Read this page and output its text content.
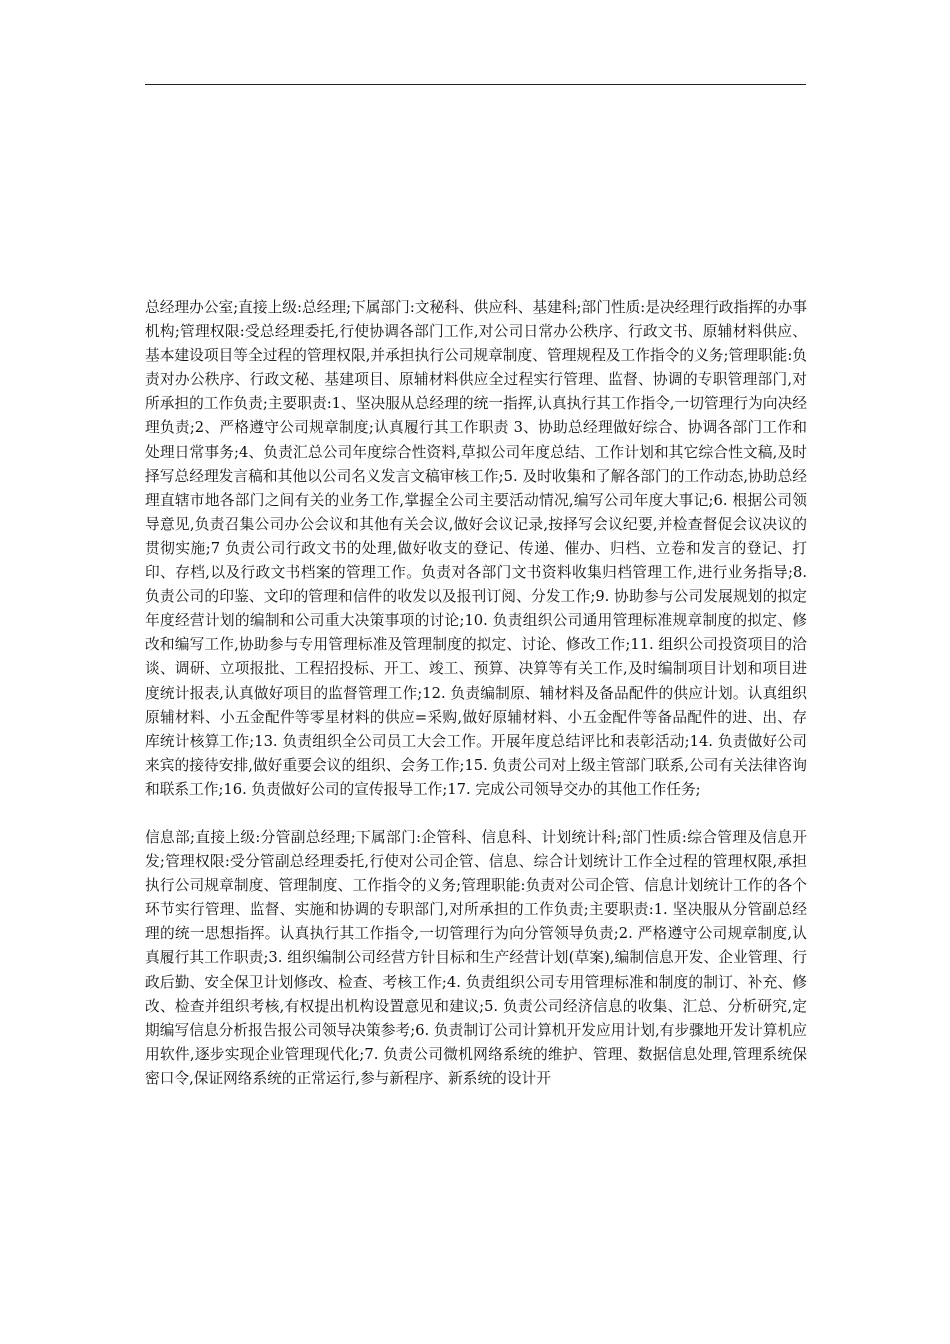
总经理办公室;直接上级:总经理;下属部门:文秘科、供应科、基建科;部门性质:是决经理行政指挥的办事机构;管理权限:受总经理委托,行使协调各部门工作,对公司日常办公秩序、行政文书、原辅材料供应、基本建设项目等全过程的管理权限,并承担执行公司规章制度、管理规程及工作指令的义务;管理职能:负责对办公秩序、行政文秘、基建项目、原辅材料供应全过程实行管理、监督、协调的专职管理部门,对所承担的工作负责;主要职责:1、坚决服从总经理的统一指挥,认真执行其工作指令,一切管理行为向决经理负责;2、严格遵守公司规章制度;认真履行其工作职责 3、协助总经理做好综合、协调各部门工作和处理日常事务;4、负责汇总公司年度综合性资料,草拟公司年度总结、工作计划和其它综合性文稿,及时择写总经理发言稿和其他以公司名义发言文稿审核工作;5. 及时收集和了解各部门的工作动态,协助总经理直辖市地各部门之间有关的业务工作,掌握全公司主要活动情况,编写公司年度大事记;6. 根据公司领导意见,负责召集公司办公会议和其他有关会议,做好会议记录,按择写会议纪要,并检查督促会议决议的贯彻实施;7 负责公司行政文书的处理,做好收支的登记、传递、催办、归档、立卷和发言的登记、打印、存档,以及行政文书档案的管理工作。负责对各部门文书资料收集归档管理工作,进行业务指导;8. 负责公司的印鉴、文印的管理和信件的收发以及报刊订阅、分发工作;9. 协助参与公司发展规划的拟定年度经营计划的编制和公司重大决策事项的讨论;10. 负责组织公司通用管理标准规章制度的拟定、修改和编写工作,协助参与专用管理标准及管理制度的拟定、讨论、修改工作;11. 组织公司投资项目的洽谈、调研、立项报批、工程招投标、开工、竣工、预算、决算等有关工作,及时编制项目计划和项目进度统计报表,认真做好项目的监督管理工作;12. 负责编制原、辅材料及备品配件的供应计划。认真组织原辅材料、小五金配件等零星材料的供应=采购,做好原辅材料、小五金配件等备品配件的进、出、存库统计核算工作;13. 负责组织全公司员工大会工作。开展年度总结评比和表彰活动;14. 负责做好公司来宾的接待安排,做好重要会议的组织、会务工作;15. 负责公司对上级主管部门联系,公司有关法律咨询和联系工作;16. 负责做好公司的宣传报导工作;17. 完成公司领导交办的其他工作任务;

信息部;直接上级:分管副总经理;下属部门:企管科、信息科、计划统计科;部门性质:综合管理及信息开发;管理权限:受分管副总经理委托,行使对公司企管、信息、综合计划统计工作全过程的管理权限,承担执行公司规章制度、管理制度、工作指令的义务;管理职能:负责对公司企管、信息计划统计工作的各个环节实行管理、监督、实施和协调的专职部门,对所承担的工作负责;主要职责:1. 坚决服从分管副总经理的统一思想指挥。认真执行其工作指令,一切管理行为向分管领导负责;2. 严格遵守公司规章制度,认真履行其工作职责;3. 组织编制公司经营方针目标和生产经营计划(草案),编制信息开发、企业管理、行政后勤、安全保卫计划修改、检查、考核工作;4. 负责组织公司专用管理标准和制度的制订、补充、修改、检查并组织考核,有权提出机构设置意见和建议;5. 负责公司经济信息的收集、汇总、分析研究,定期编写信息分析报告报公司领导决策参考;6. 负责制订公司计算机开发应用计划,有步骤地开发计算机应用软件,逐步实现企业管理现代化;7. 负责公司微机网络系统的维护、管理、数据信息处理,管理系统保密口令,保证网络系统的正常运行,参与新程序、新系统的设计开
